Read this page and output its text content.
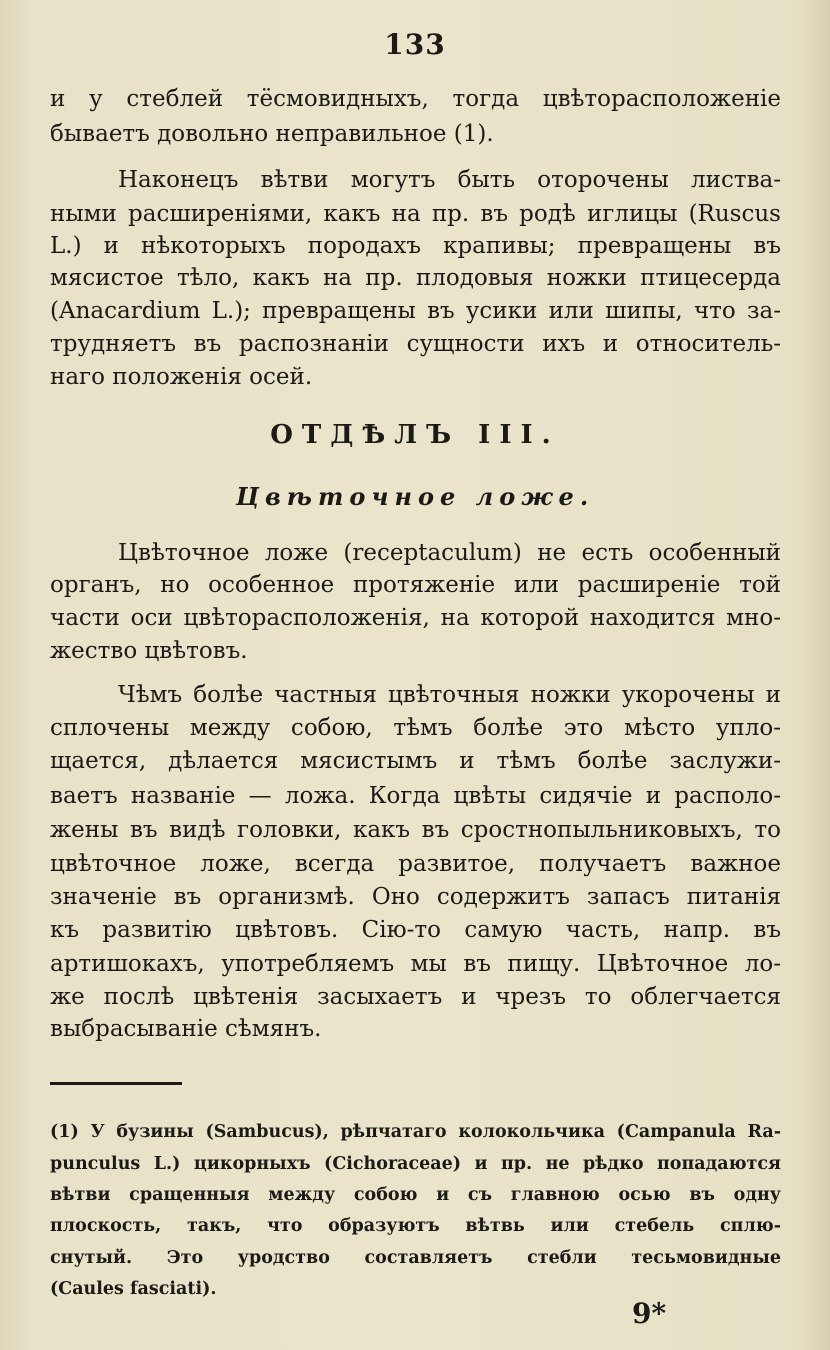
133
и у стеблей тёсмовидныхъ, тогда цвѣторасположеніе
бываетъ довольно неправильное (1).
Наконецъ вѣтви могутъ быть оторочены листва-
ными расширеніями, какъ на пр. въ родѣ иглицы (Ruscus
L.) и нѣкоторыхъ породахъ крапивы; превращены въ
мясистое тѣло, какъ на пр. плодовыя ножки птицесерда
(Anacardium L.); превращены въ усики или шипы, что за-
трудняетъ въ распознаніи сущности ихъ и относитель-
наго положенія осей.
ОТДѢЛЪ III.
Цвѣточное ложе.
Цвѣточное ложе (receptaculum) не есть особенный
органъ, но особенное протяженіе или расширеніе той
части оси цвѣторасположенія, на которой находится мно-
жество цвѣтовъ.
Чѣмъ болѣе частныя цвѣточныя ножки укорочены и
сплочены между собою, тѣмъ болѣе это мѣсто упло-
щается, дѣлается мясистымъ и тѣмъ болѣе заслужи-
ваетъ названіе — ложа. Когда цвѣты сидячіе и располо-
жены въ видѣ головки, какъ въ сростнопыльниковыхъ, то
цвѣточное ложе, всегда развитое, получаетъ важное
значеніе въ организмѣ. Оно содержитъ запасъ питанія
къ развитію цвѣтовъ. Сію-то самую часть, напр. въ
артишокахъ, употребляемъ мы въ пищу. Цвѣточное ло-
же послѣ цвѣтенія засыхаетъ и чрезъ то облегчается
выбрасываніе сѣмянъ.
(1) У бузины (Sambucus), рѣпчатаго колокольчика (Campanula Ra-
punculus L.) цикорныхъ (Cichoraceae) и пр. не рѣдко попадаются
вѣтви сращенныя между собою и съ главною осью въ одну
плоскость, такъ, что образуютъ вѣтвь или стебель сплю-
снутый. Это уродство составляетъ стебли тесьмовидные
(Caules fasciati).
9*
